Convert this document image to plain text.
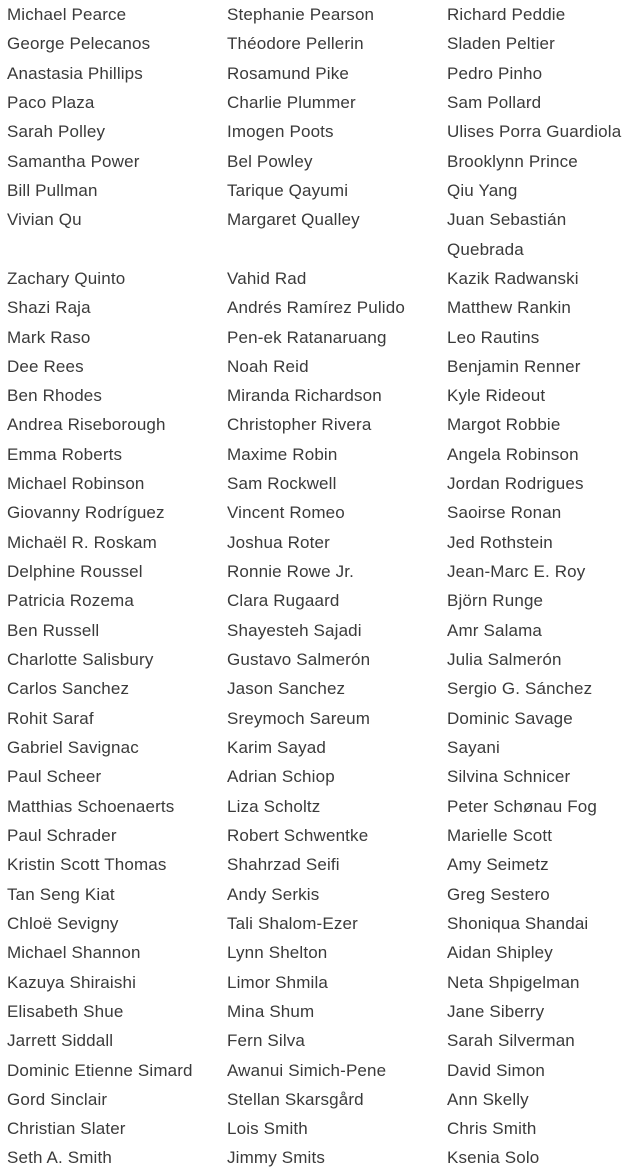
Michael Pearce
George Pelecanos
Anastasia Phillips
Paco Plaza
Sarah Polley
Samantha Power
Bill Pullman
Vivian Qu
Zachary Quinto
Shazi Raja
Mark Raso
Dee Rees
Ben Rhodes
Andrea Riseborough
Emma Roberts
Michael Robinson
Giovanny Rodríguez
Michaël R. Roskam
Delphine Roussel
Patricia Rozema
Ben Russell
Charlotte Salisbury
Carlos Sanchez
Rohit Saraf
Gabriel Savignac
Paul Scheer
Matthias Schoenaerts
Paul Schrader
Kristin Scott Thomas
Tan Seng Kiat
Chloë Sevigny
Michael Shannon
Kazuya Shiraishi
Elisabeth Shue
Jarrett Siddall
Dominic Etienne Simard
Gord Sinclair
Christian Slater
Seth A. Smith
Stephanie Pearson
Théodore Pellerin
Rosamund Pike
Charlie Plummer
Imogen Poots
Bel Powley
Tarique Qayumi
Margaret Qualley
Vahid Rad
Andrés Ramírez Pulido
Pen-ek Ratanaruang
Noah Reid
Miranda Richardson
Christopher Rivera
Maxime Robin
Sam Rockwell
Vincent Romeo
Joshua Roter
Ronnie Rowe Jr.
Clara Rugaard
Shayesteh Sajadi
Gustavo Salmerón
Jason Sanchez
Sreymoch Sareum
Karim Sayad
Adrian Schiop
Liza Scholtz
Robert Schwentke
Shahrzad Seifi
Andy Serkis
Tali Shalom-Ezer
Lynn Shelton
Limor Shmila
Mina Shum
Fern Silva
Awanui Simich-Pene
Stellan Skarsgård
Lois Smith
Jimmy Smits
Richard Peddie
Sladen Peltier
Pedro Pinho
Sam Pollard
Ulises Porra Guardiola
Brooklynn Prince
Qiu Yang
Juan Sebastián
Quebrada
Kazik Radwanski
Matthew Rankin
Leo Rautins
Benjamin Renner
Kyle Rideout
Margot Robbie
Angela Robinson
Jordan Rodrigues
Saoirse Ronan
Jed Rothstein
Jean-Marc E. Roy
Björn Runge
Amr Salama
Julia Salmerón
Sergio G. Sánchez
Dominic Savage
Sayani
Silvina Schnicer
Peter Schønau Fog
Marielle Scott
Amy Seimetz
Greg Sestero
Shoniqua Shandai
Aidan Shipley
Neta Shpigelman
Jane Siberry
Sarah Silverman
David Simon
Ann Skelly
Chris Smith
Ksenia Solo
